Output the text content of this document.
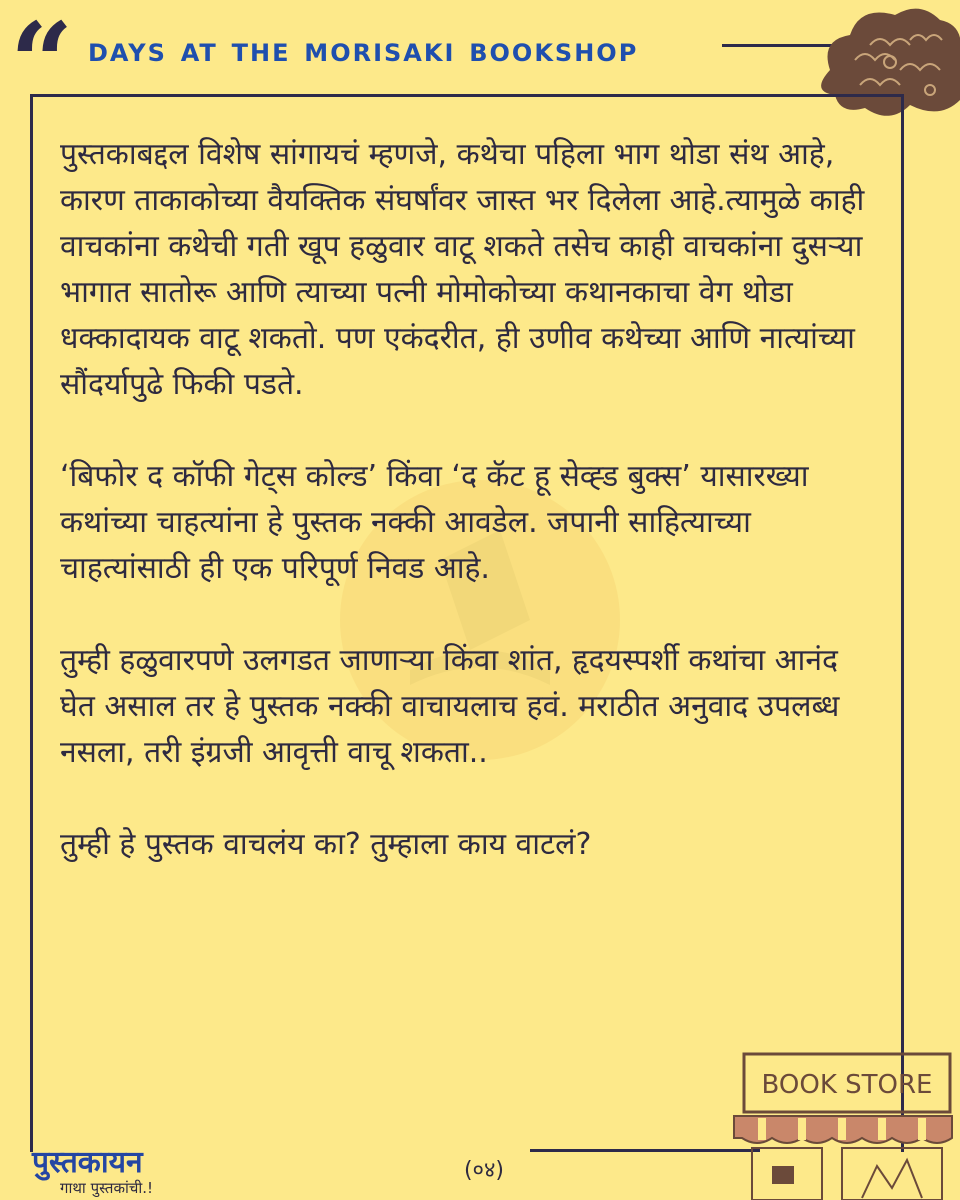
“ days at the morisaki bookshop

पुस्तकाबद्दल विशेष सांगायचं म्हणजे, कथेचा पहिला भाग थोडा संथ आहे, कारण ताकाकोच्या वैयक्तिक संघर्षांवर जास्त भर दिलेला आहे.त्यामुळे काही वाचकांना कथेची गती खूप हळुवार वाटू शकते तसेच काही वाचकांना दुसऱ्या भागात सातोरू आणि त्याच्या पत्नी मोमोकोच्या कथानकाचा वेग थोडा धक्कादायक वाटू शकतो. पण एकंदरीत, ही उणीव कथेच्या आणि नात्यांच्या सौंदर्यापुढे फिकी पडते.

‘बिफोर द कॉफी गेट्स कोल्ड’ किंवा ‘द कॅट हू सेव्ह्ड बुक्स’ यासारख्या कथांच्या चाहत्यांना हे पुस्तक नक्की आवडेल. जपानी साहित्याच्या चाहत्यांसाठी ही एक परिपूर्ण निवड आहे.

तुम्ही हळुवारपणे उलगडत जाणाऱ्या किंवा शांत, हृदयस्पर्शी कथांचा आनंद घेत असाल तर हे पुस्तक नक्की वाचायलाच हवं. मराठीत अनुवाद उपलब्ध नसला, तरी इंग्रजी आवृत्ती वाचू शकता..

तुम्ही हे पुस्तक वाचलंय का? तुम्हाला काय वाटलं?

BOOK STORE
पुस्तकायन
गाथा पुस्तकांची.!
(०४)
